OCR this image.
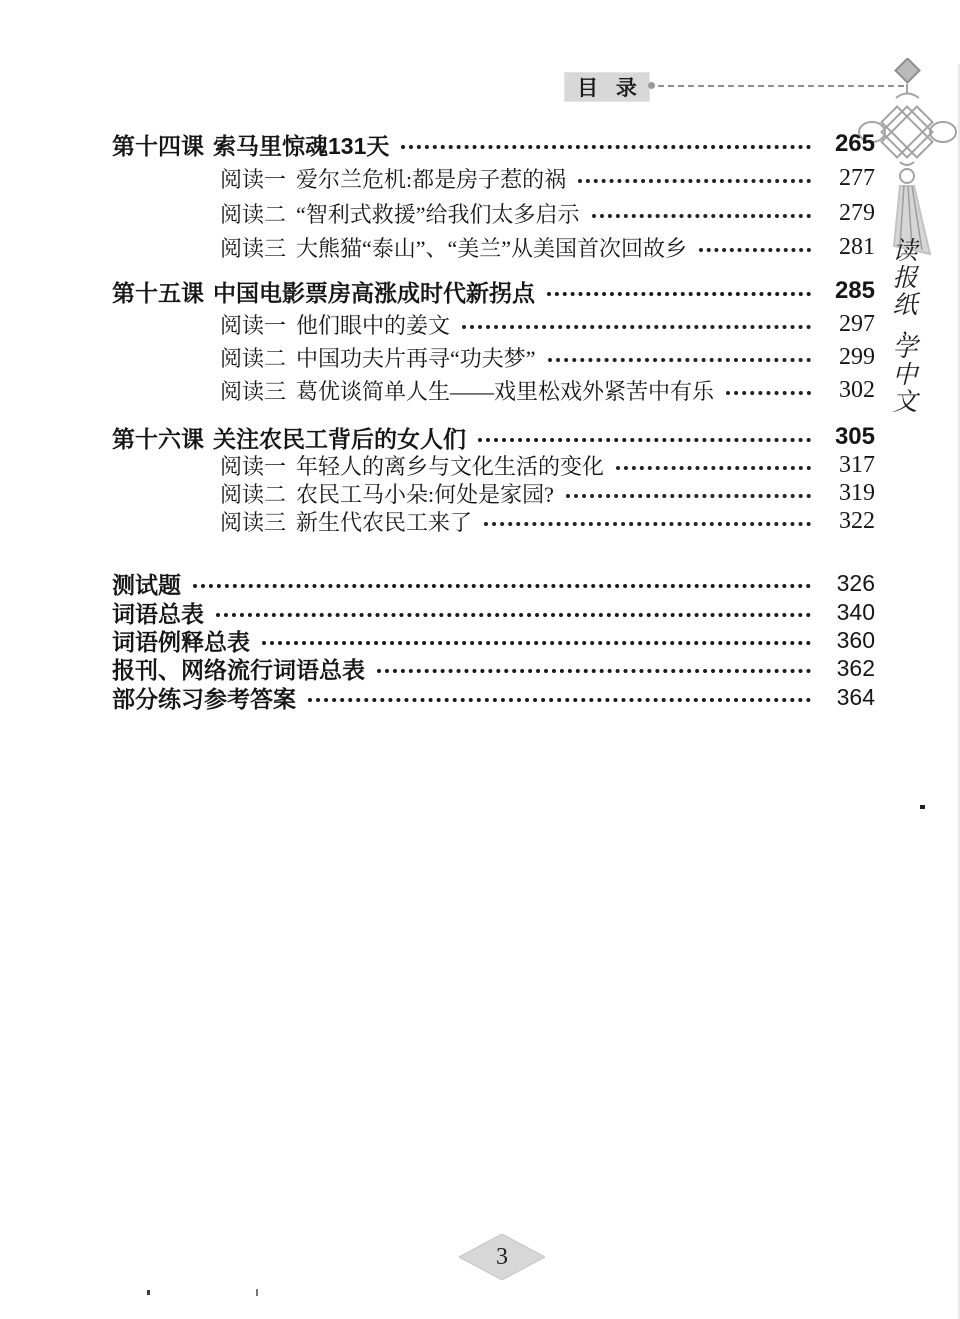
目 录
读
报
纸
,
学
中
文
第十四课 索马里惊魂131天	265
阅读一 爱尔兰危机:都是房子惹的祸	277
阅读二 “智利式救援”给我们太多启示	279
阅读三 大熊猫“泰山”、“美兰”从美国首次回故乡	281
第十五课 中国电影票房高涨成时代新拐点	285
阅读一 他们眼中的姜文	297
阅读二 中国功夫片再寻“功夫梦”	299
阅读三 葛优谈简单人生——戏里松戏外紧苦中有乐	302
第十六课 关注农民工背后的女人们	305
阅读一 年轻人的离乡与文化生活的变化	317
阅读二 农民工马小朵:何处是家园?	319
阅读三 新生代农民工来了	322
测试题	326
词语总表	340
词语例释总表	360
报刊、网络流行词语总表	362
部分练习参考答案	364
3
